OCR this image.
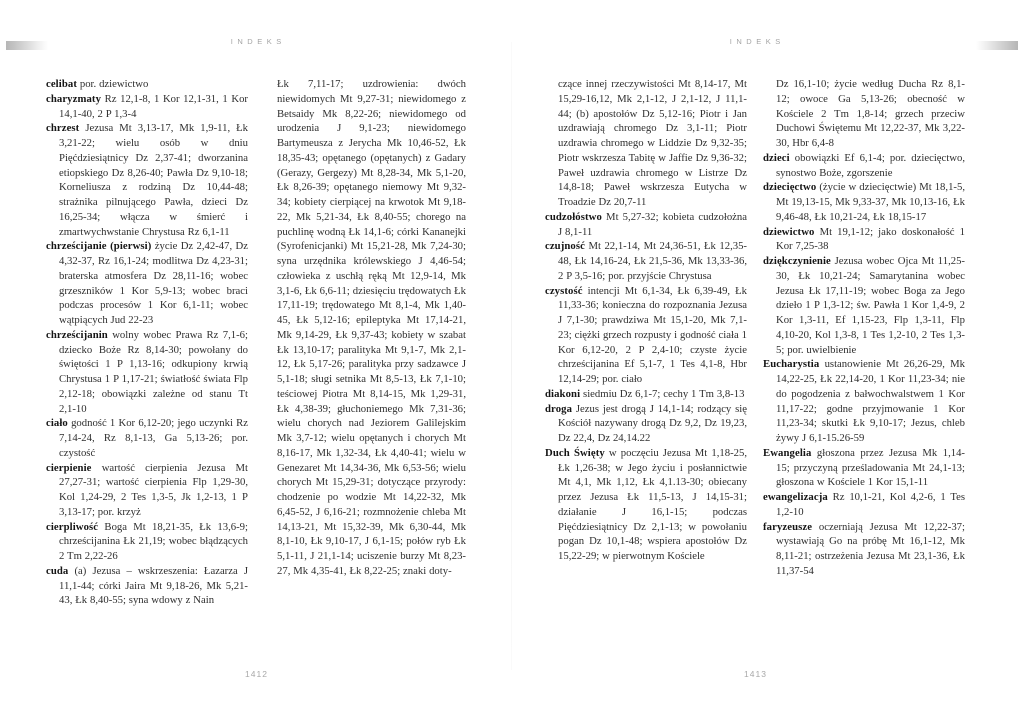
INDEKS

celibat por. dziewictwo

charyzmaty Rz 12,1-8, 1 Kor 12,1-31, 1 Kor 14,1-40, 2 P 1,3-4

chrzest Jezusa Mt 3,13-17, Mk 1,9-11, Łk 3,21-22; wielu osób w dniu Pięćdziesiątnicy Dz 2,37-41; dworzanina etiopskiego Dz 8,26-40; Pawła Dz 9,10-18; Korneliusza z rodziną Dz 10,44-48; strażnika pilnującego Pawła, dzieci Dz 16,25-34; włącza w śmierć i zmartwychwstanie Chrystusa Rz 6,1-11

chrześcijanie (pierwsi) życie Dz 2,42-47, Dz 4,32-37, Rz 16,1-24; modlitwa Dz 4,23-31; braterska atmosfera Dz 28,11-16; wobec grzeszników 1 Kor 5,9-13; wobec braci podczas procesów 1 Kor 6,1-11; wobec wątpiących Jud 22-23

chrześcijanin wolny wobec Prawa Rz 7,1-6; dziecko Boże Rz 8,14-30; powołany do świętości 1 P 1,13-16; odkupiony krwią Chrystusa 1 P 1,17-21; światłość świata Flp 2,12-18; obowiązki zależne od stanu Tt 2,1-10

ciało godność 1 Kor 6,12-20; jego uczynki Rz 7,14-24, Rz 8,1-13, Ga 5,13-26; por. czystość

cierpienie wartość cierpienia Jezusa Mt 27,27-31; wartość cierpienia Flp 1,29-30, Kol 1,24-29, 2 Tes 1,3-5, Jk 1,2-13, 1 P 3,13-17; por. krzyż

cierpliwość Boga Mt 18,21-35, Łk 13,6-9; chrześcijanina Łk 21,19; wobec błądzących 2 Tm 2,22-26

cuda (a) Jezusa – wskrzeszenia: Łazarza J 11,1-44; córki Jaira Mt 9,18-26, Mk 5,21-43, Łk 8,40-55; syna wdowy z Nain

Łk 7,11-17; uzdrowienia: dwóch niewidomych Mt 9,27-31; niewidomego z Betsaidy Mk 8,22-26; niewidomego od urodzenia J 9,1-23; niewidomego Bartymeusza z Jerycha Mk 10,46-52, Łk 18,35-43; opętanego (opętanych) z Gadary (Gerazy, Gergezy) Mt 8,28-34, Mk 5,1-20, Łk 8,26-39; opętanego niemowy Mt 9,32-34; kobiety cierpiącej na krwotok Mt 9,18-22, Mk 5,21-34, Łk 8,40-55; chorego na puchlinę wodną Łk 14,1-6; córki Kananejki (Syrofenicjanki) Mt 15,21-28, Mk 7,24-30; syna urzędnika królewskiego J 4,46-54; człowieka z uschłą ręką Mt 12,9-14, Mk 3,1-6, Łk 6,6-11; dziesięciu trędowatych Łk 17,11-19; trędowatego Mt 8,1-4, Mk 1,40-45, Łk 5,12-16; epileptyka Mt 17,14-21, Mk 9,14-29, Łk 9,37-43; kobiety w szabat Łk 13,10-17; paralityka Mt 9,1-7, Mk 2,1-12, Łk 5,17-26; paralityka przy sadzawce J 5,1-18; sługi setnika Mt 8,5-13, Łk 7,1-10; teściowej Piotra Mt 8,14-15, Mk 1,29-31, Łk 4,38-39; głuchoniemego Mk 7,31-36; wielu chorych nad Jeziorem Galilejskim Mk 3,7-12; wielu opętanych i chorych Mt 8,16-17, Mk 1,32-34, Łk 4,40-41; wielu w Genezaret Mt 14,34-36, Mk 6,53-56; wielu chorych Mt 15,29-31; dotyczące przyrody: chodzenie po wodzie Mt 14,22-32, Mk 6,45-52, J 6,16-21; rozmnożenie chleba Mt 14,13-21, Mt 15,32-39, Mk 6,30-44, Mk 8,1-10, Łk 9,10-17, J 6,1-15; połów ryb Łk 5,1-11, J 21,1-14; uciszenie burzy Mt 8,23-27, Mk 4,35-41, Łk 8,22-25; znaki doty-

1412
INDEKS

czące innej rzeczywistości Mt 8,14-17, Mt 15,29-16,12, Mk 2,1-12, J 2,1-12, J 11,1-44; (b) apostołów Dz 5,12-16; Piotr i Jan uzdrawiają chromego Dz 3,1-11; Piotr uzdrawia chromego w Liddzie Dz 9,32-35; Piotr wskrzesza Tabitę w Jaffie Dz 9,36-32; Paweł uzdrawia chromego w Listrze Dz 14,8-18; Paweł wskrzesza Eutycha w Troadzie Dz 20,7-11

cudzołóstwo Mt 5,27-32; kobieta cudzołożna J 8,1-11

czujność Mt 22,1-14, Mt 24,36-51, Łk 12,35-48, Łk 14,16-24, Łk 21,5-36, Mk 13,33-36, 2 P 3,5-16; por. przyjście Chrystusa

czystość intencji Mt 6,1-34, Łk 6,39-49, Łk 11,33-36; konieczna do rozpoznania Jezusa J 7,1-30; prawdziwa Mt 15,1-20, Mk 7,1-23; ciężki grzech rozpusty i godność ciała 1 Kor 6,12-20, 2 P 2,4-10; czyste życie chrześcijanina Ef 5,1-7, 1 Tes 4,1-8, Hbr 12,14-29; por. ciało

diakoni siedmiu Dz 6,1-7; cechy 1 Tm 3,8-13

droga Jezus jest drogą J 14,1-14; rodzący się Kościół nazywany drogą Dz 9,2, Dz 19,23, Dz 22,4, Dz 24,14.22

Duch Święty w poczęciu Jezusa Mt 1,18-25, Łk 1,26-38; w Jego życiu i posłannictwie Mt 4,1, Mk 1,12, Łk 4,1.13-30; obiecany przez Jezusa Łk 11,5-13, J 14,15-31; działanie J 16,1-15; podczas Pięćdziesiątnicy Dz 2,1-13; w powołaniu pogan Dz 10,1-48; wspiera apostołów Dz 15,22-29; w pierwotnym Kościele

Dz 16,1-10; życie według Ducha Rz 8,1-12; owoce Ga 5,13-26; obecność w Kościele 2 Tm 1,8-14; grzech przeciw Duchowi Świętemu Mt 12,22-37, Mk 3,22-30, Hbr 6,4-8

dzieci obowiązki Ef 6,1-4; por. dziecięctwo, synostwo Boże, zgorszenie

dziecięctwo (życie w dziecięctwie) Mt 18,1-5, Mt 19,13-15, Mk 9,33-37, Mk 10,13-16, Łk 9,46-48, Łk 10,21-24, Łk 18,15-17

dziewictwo Mt 19,1-12; jako doskonałość 1 Kor 7,25-38

dziękczynienie Jezusa wobec Ojca Mt 11,25-30, Łk 10,21-24; Samarytanina wobec Jezusa Łk 17,11-19; wobec Boga za Jego dzieło 1 P 1,3-12; św. Pawła 1 Kor 1,4-9, 2 Kor 1,3-11, Ef 1,15-23, Flp 1,3-11, Flp 4,10-20, Kol 1,3-8, 1 Tes 1,2-10, 2 Tes 1,3-5; por. uwielbienie

Eucharystia ustanowienie Mt 26,26-29, Mk 14,22-25, Łk 22,14-20, 1 Kor 11,23-34; nie do pogodzenia z bałwochwalstwem 1 Kor 11,17-22; godne przyjmowanie 1 Kor 11,23-34; skutki Łk 9,10-17; Jezus, chleb żywy J 6,1-15.26-59

Ewangelia głoszona przez Jezusa Mk 1,14-15; przyczyną prześladowania Mt 24,1-13; głoszona w Kościele 1 Kor 15,1-11

ewangelizacja Rz 10,1-21, Kol 4,2-6, 1 Tes 1,2-10

faryzeusze oczerniają Jezusa Mt 12,22-37; wystawiają Go na próbę Mt 16,1-12, Mk 8,11-21; ostrzeżenia Jezusa Mt 23,1-36, Łk 11,37-54

1413
